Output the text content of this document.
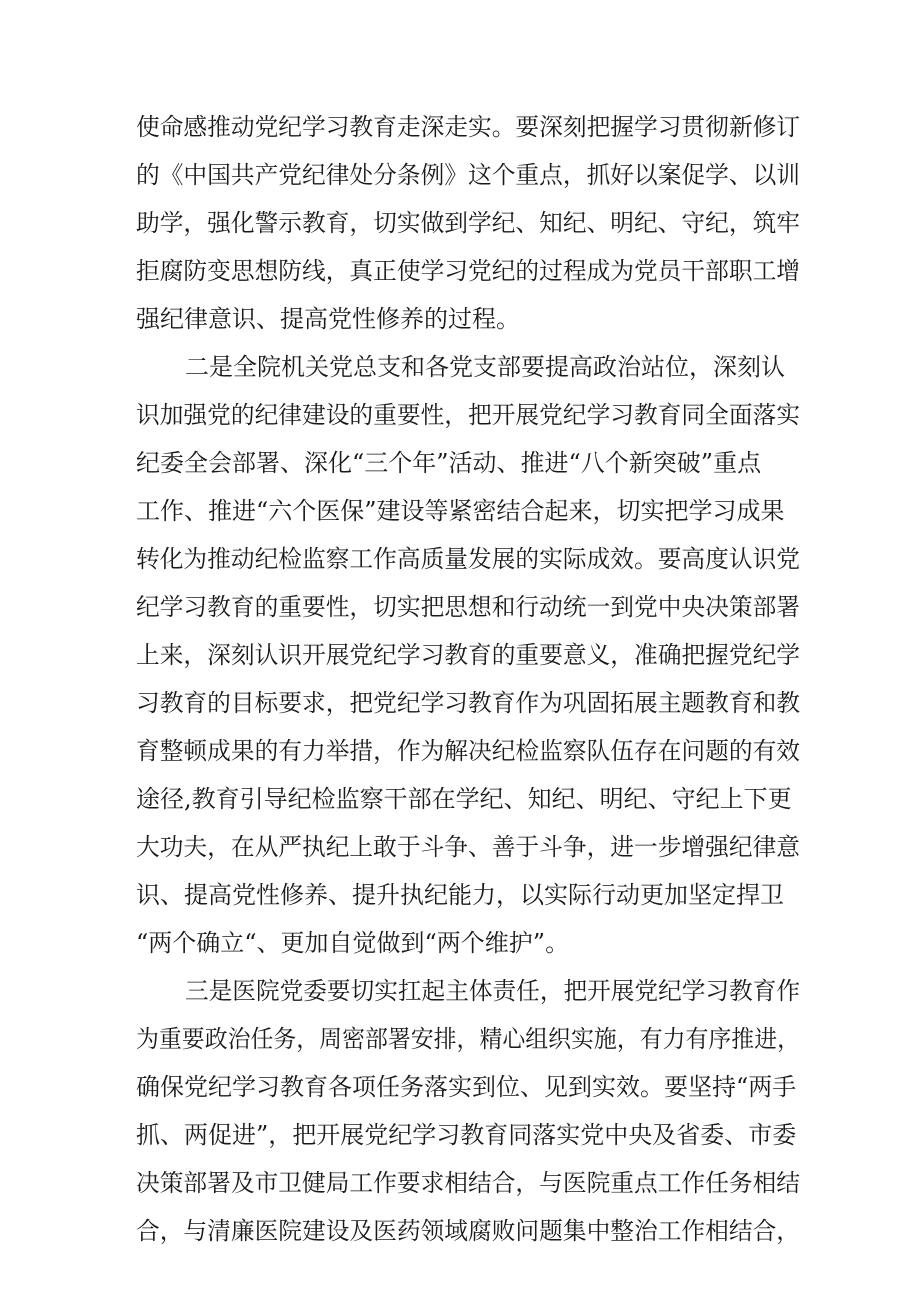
使命感推动党纪学习教育走深走实。要深刻把握学习贯彻新修订
的《中国共产党纪律处分条例》这个重点，抓好以案促学、以训
助学，强化警示教育，切实做到学纪、知纪、明纪、守纪，筑牢
拒腐防变思想防线，真正使学习党纪的过程成为党员干部职工增
强纪律意识、提高党性修养的过程。
二是全院机关党总支和各党支部要提高政治站位，深刻认
识加强党的纪律建设的重要性，把开展党纪学习教育同全面落实
纪委全会部署、深化“三个年”活动、推进“八个新突破”重点
工作、推进“六个医保”建设等紧密结合起来，切实把学习成果
转化为推动纪检监察工作高质量发展的实际成效。要高度认识党
纪学习教育的重要性，切实把思想和行动统一到党中央决策部署
上来，深刻认识开展党纪学习教育的重要意义，准确把握党纪学
习教育的目标要求，把党纪学习教育作为巩固拓展主题教育和教
育整顿成果的有力举措，作为解决纪检监察队伍存在问题的有效
途径,教育引导纪检监察干部在学纪、知纪、明纪、守纪上下更
大功夫，在从严执纪上敢于斗争、善于斗争，进一步增强纪律意
识、提高党性修养、提升执纪能力，以实际行动更加坚定捍卫
“两个确立“、更加自觉做到“两个维护”。
三是医院党委要切实扛起主体责任，把开展党纪学习教育作
为重要政治任务，周密部署安排，精心组织实施，有力有序推进，
确保党纪学习教育各项任务落实到位、见到实效。要坚持“两手
抓、两促进”，把开展党纪学习教育同落实党中央及省委、市委
决策部署及市卫健局工作要求相结合，与医院重点工作任务相结
合，与清廉医院建设及医药领域腐败问题集中整治工作相结合，
